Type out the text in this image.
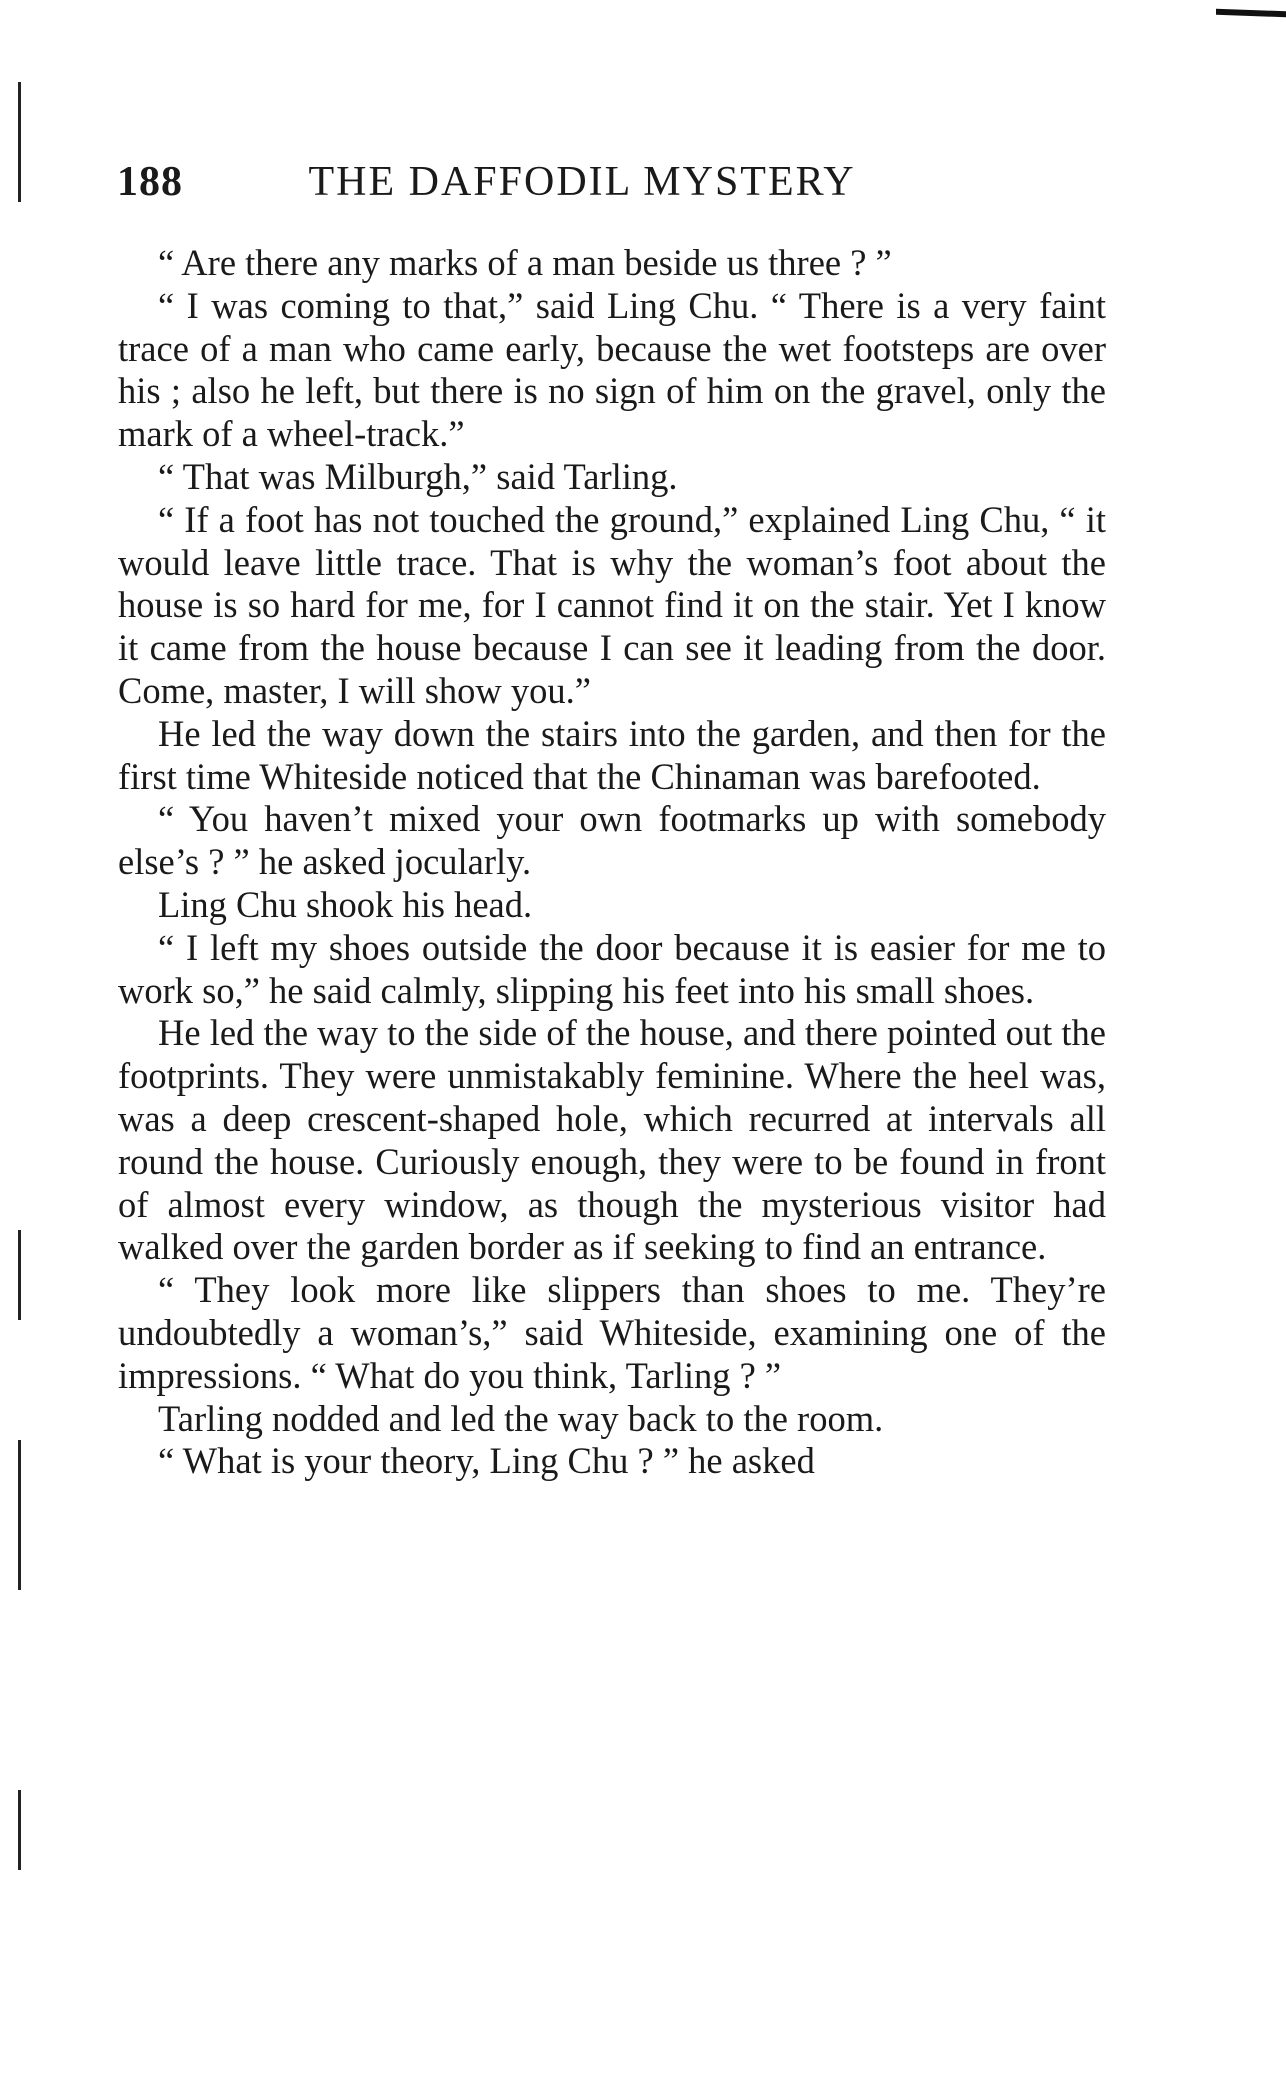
188	THE DAFFODIL MYSTERY

“ Are there any marks of a man beside us three ? ”

“ I was coming to that,” said Ling Chu. “ There is a very faint trace of a man who came early, because the wet footsteps are over his ; also he left, but there is no sign of him on the gravel, only the mark of a wheel-track.”

“ That was Milburgh,” said Tarling.

“ If a foot has not touched the ground,” explained Ling Chu, “ it would leave little trace. That is why the woman’s foot about the house is so hard for me, for I cannot find it on the stair. Yet I know it came from the house because I can see it leading from the door. Come, master, I will show you.”

He led the way down the stairs into the garden, and then for the first time Whiteside noticed that the Chinaman was barefooted.

“ You haven’t mixed your own footmarks up with somebody else’s ? ” he asked jocularly.

Ling Chu shook his head.

“ I left my shoes outside the door because it is easier for me to work so,” he said calmly, slipping his feet into his small shoes.

He led the way to the side of the house, and there pointed out the footprints. They were unmistakably feminine. Where the heel was, was a deep crescent-shaped hole, which recurred at intervals all round the house. Curiously enough, they were to be found in front of almost every window, as though the mysterious visitor had walked over the garden border as if seeking to find an entrance.

“ They look more like slippers than shoes to me. They’re undoubtedly a woman’s,” said Whiteside, examining one of the impressions. “ What do you think, Tarling ? ”

Tarling nodded and led the way back to the room.

“ What is your theory, Ling Chu ? ” he asked
